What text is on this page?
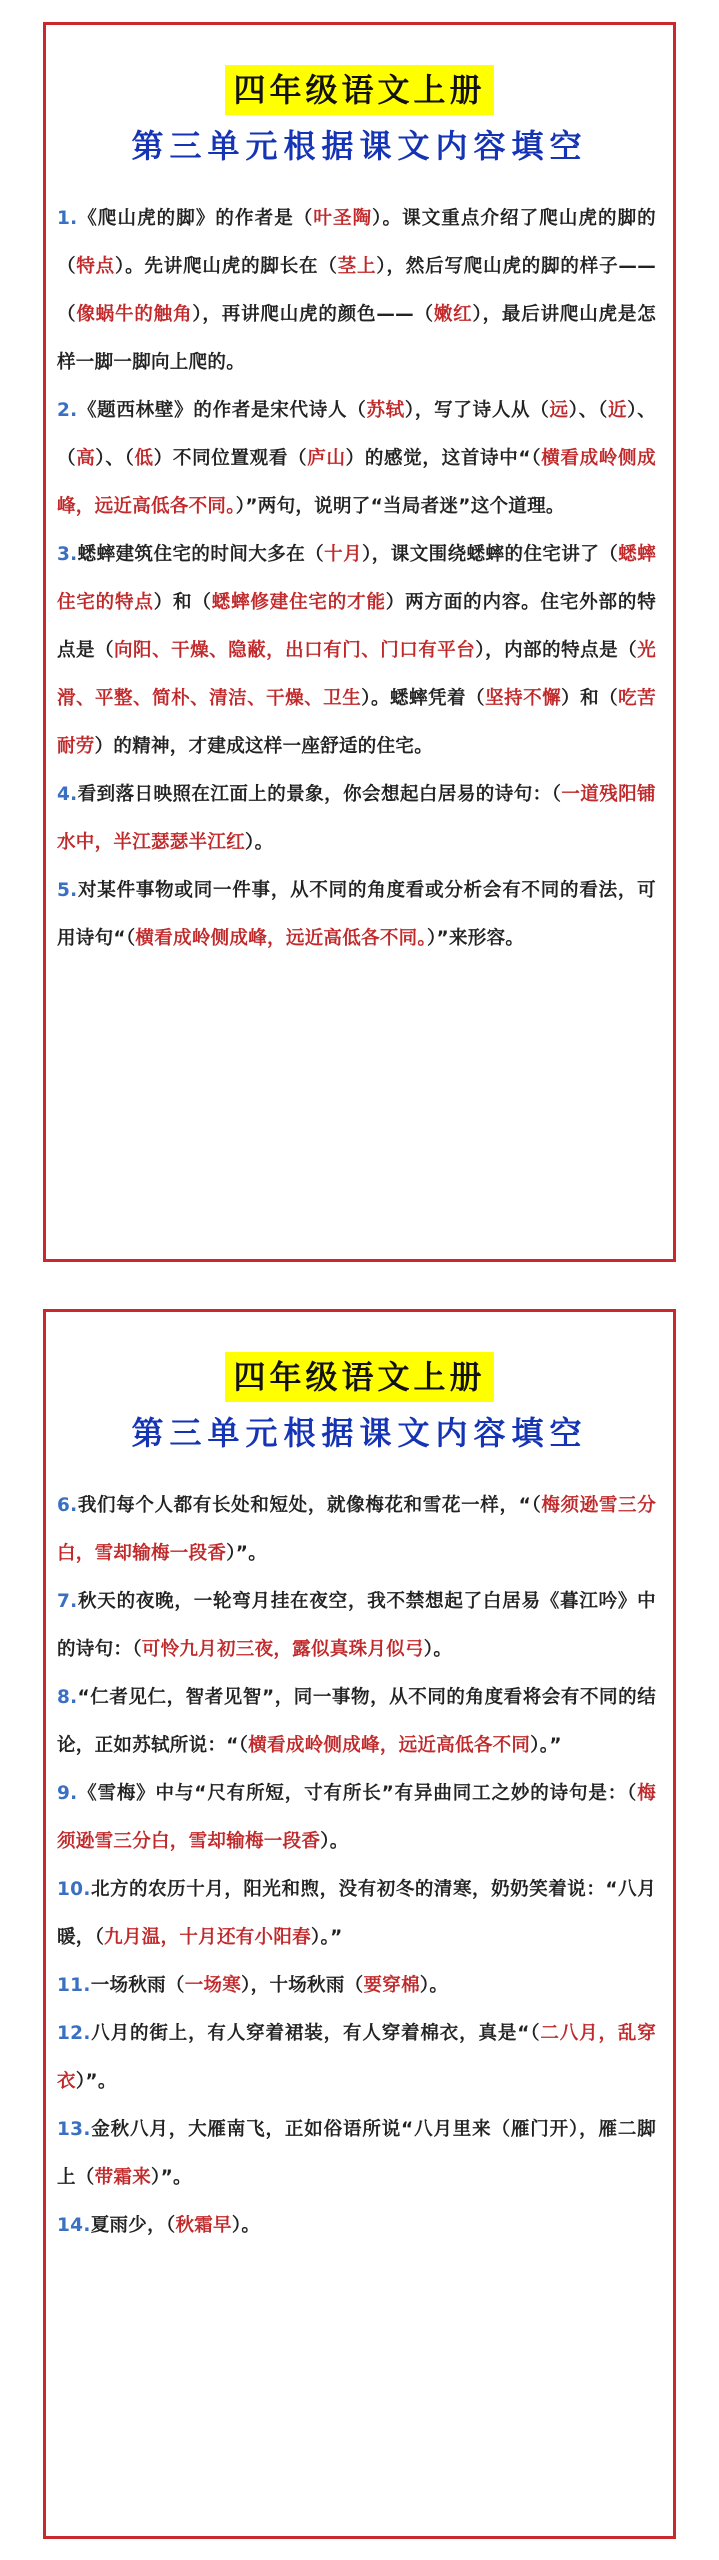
四年级语文上册
第三单元根据课文内容填空
1.《爬山虎的脚》的作者是（叶圣陶）。课文重点介绍了爬山虎的脚的（特点）。先讲爬山虎的脚长在（茎上），然后写爬山虎的脚的样子——（像蜗牛的触角），再讲爬山虎的颜色——（嫩红），最后讲爬山虎是怎样一脚一脚向上爬的。
2.《题西林壁》的作者是宋代诗人（苏轼），写了诗人从（远）、（近）、（高）、（低）不同位置观看（庐山）的感觉，这首诗中“（横看成岭侧成峰，远近高低各不同。）”两句，说明了“当局者迷”这个道理。
3.蟋蟀建筑住宅的时间大多在（十月），课文围绕蟋蟀的住宅讲了（蟋蟀住宅的特点）和（蟋蟀修建住宅的才能）两方面的内容。住宅外部的特点是（向阳、干燥、隐蔽，出口有门、门口有平台），内部的特点是（光滑、平整、简朴、清洁、干燥、卫生）。蟋蟀凭着（坚持不懈）和（吃苦耐劳）的精神，才建成这样一座舒适的住宅。
4.看到落日映照在江面上的景象，你会想起白居易的诗句：（一道残阳铺水中，半江瑟瑟半江红）。
5.对某件事物或同一件事，从不同的角度看或分析会有不同的看法，可用诗句“（横看成岭侧成峰，远近高低各不同。）”来形容。
四年级语文上册
第三单元根据课文内容填空
6.我们每个人都有长处和短处，就像梅花和雪花一样，“（梅须逊雪三分白，雪却输梅一段香）”。
7.秋天的夜晚，一轮弯月挂在夜空，我不禁想起了白居易《暮江吟》中的诗句：（可怜九月初三夜，露似真珠月似弓）。
8.“仁者见仁，智者见智”，同一事物，从不同的角度看将会有不同的结论，正如苏轼所说：“（横看成岭侧成峰，远近高低各不同）。”
9.《雪梅》中与“尺有所短，寸有所长”有异曲同工之妙的诗句是：（梅须逊雪三分白，雪却输梅一段香）。
10.北方的农历十月，阳光和煦，没有初冬的清寒，奶奶笑着说：“八月暖，（九月温，十月还有小阳春）。”
11.一场秋雨（一场寒），十场秋雨（要穿棉）。
12.八月的街上，有人穿着裙装，有人穿着棉衣，真是“（二八月，乱穿衣）”。
13.金秋八月，大雁南飞，正如俗语所说“八月里来（雁门开），雁二脚上（带霜来）”。
14.夏雨少，（秋霜早）。
